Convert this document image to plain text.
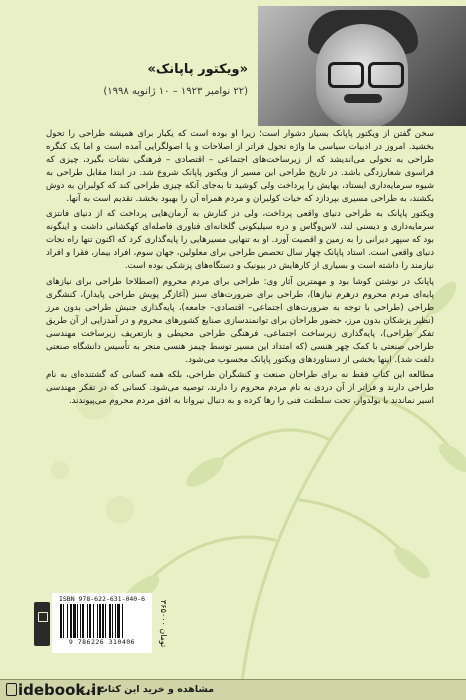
«ویکتور پاپانک»
(۲۲ نوامبر ۱۹۲۳ – ۱۰ ژانویه ۱۹۹۸)

سخن گفتن از ویکتور پاپانک بسیار دشوار است؛ زیرا او بوده است که یکبار برای همیشه طراحی را تحول بخشید. امروز در ادبیات سیاسی ما واژه تحول فراتر از اصلاحات و یا اصولگرایی آمده است و اما یک کنگره طراحی به تحولی می‌اندیشد که از زیرساخت‌های اجتماعی – اقتصادی – فرهنگی نشات بگیرد، چیزی که فراسوی شعارزدگی باشد. در تاریخ طراحی این مسیر از ویکتور پاپانک شروع شد. در ابتدا مقابل طراحی به شیوه سرمایه‌داری ایستاد، بهایش را پرداخت ولی کوشید تا به‌جای آنکه چیزی طراحی کند که کولبران به دوش بکشند، به طراحی مسیری بپردازد که حیات کولبران و مردم همراه آن را بهبود بخشد. تقدیم است به آنها.

ویکتور پاپانک به طراحی دنیای واقعی پرداخت، ولی در کنارش به آرمان‌هایی پرداخت که از دنیای فانتزی سرمایه‌داری و دیسنی لند، لاس‌وگاس و دره سیلیکونی گلخانه‌ای فناوری فاصله‌ای کهکشانی داشت و اینگونه بود که سپهر دیرانی را به زمین و اقصیت آورد. او به تنهایی مسیرهایی را پایه‌گذاری کرد که اکنون تنها راه نجات دنیای واقعی است. استاد پاپانک چهار سال تحصص طراحی برای معلولین، جهان سوم، افراد بیمار، فقرا و افراد نیازمند را داشته است و بسیاری از کارهایش در بیونیک و دستگاه‌های پزشکی بوده است.

پاپانک در نوشتن کوشا بود و مهمترین آثار وی: طراحی برای مردم محروم (اصطلاحا طراحی برای نیازهای پایه‌ای مردم محروم درهرم نیازها)، طراحی برای ضرورت‌های سبز (آغازگر پویش طراحی پایدار)، کنشگری طراحی (طراحی با توجه به ضرورت‌های اجتماعی– اقتصادی– جامعه)، پایه‌گذاری جنبش طراحی بدون مرز (نظیر پزشکان بدون مرز، حضور طراحان برای توانمندسازی صنایع کشورهای محروم و در آمدزایی از آن طریق تفکر طراحی)، پایه‌گذاری زیرساخت اجتماعی، فرهنگی طراحی محیطی و بازتعریف زیرساخت مهندسی طراحی صنعتی با کمک چهر هنسی (که امتداد این مسیر توسط چیمز هنسی منجر به تأسیس دانشگاه صنعتی دلفت شد). اینها بخشی از دستاوردهای ویکتور پاپانک محسوب می‌شود.

مطالعه این کتاب فقط نه برای طراحان صنعت و کنشگران طراحی، بلکه همه کسانی که گشتنده‌ای به نام طراحی دارند و فراتر از آن دردی به نام مردم محروم را دارند، توصیه می‌شود. کسانی که در تفکر مهندسی اسیر نماندند با بولدوار، تحت سلطنت فنی را رها کرده و به دنبال نیروانا به افق مردم محروم می‌پیوندند.

ISBN 978-622-631-040-6
9 786226 310406
۳۶۵۰۰۰ تومان
idebook.ir
مشاهده و خرید این کتاب در:
